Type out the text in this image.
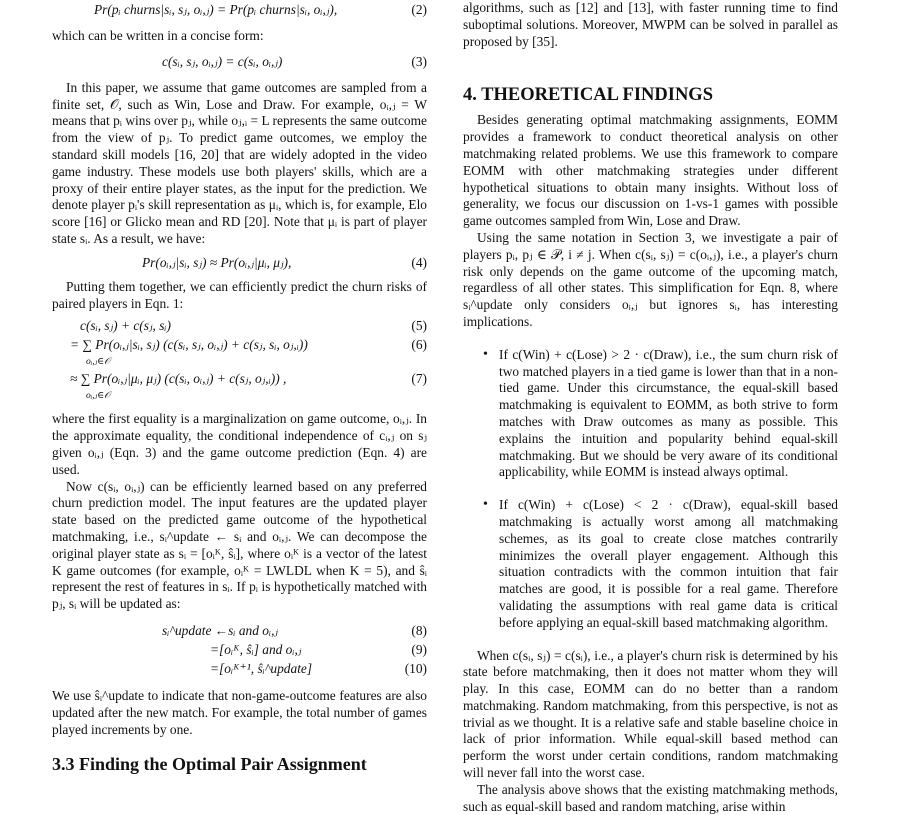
Pr(pᵢ churns|sᵢ, sⱼ, oᵢ,ⱼ) = Pr(pᵢ churns|sᵢ, oᵢ,ⱼ),	(2)

which can be written in a concise form:

c(sᵢ, sⱼ, oᵢ,ⱼ) = c(sᵢ, oᵢ,ⱼ)	(3)

In this paper, we assume that game outcomes are sampled from a finite set, 𝒪, such as Win, Lose and Draw. For example, oᵢ,ⱼ = W means that pᵢ wins over pⱼ, while oⱼ,ᵢ = L represents the same outcome from the view of pⱼ. To predict game outcomes, we employ the standard skill models [16, 20] that are widely adopted in the video game industry. These models use both players' skills, which are a proxy of their entire player states, as the input for the prediction. We denote player pᵢ's skill representation as μᵢ, which is, for example, Elo score [16] or Glicko mean and RD [20]. Note that μᵢ is part of player state sᵢ. As a result, we have:

Pr(oᵢ,ⱼ|sᵢ, sⱼ) ≈ Pr(oᵢ,ⱼ|μᵢ, μⱼ),	(4)

Putting them together, we can efficiently predict the churn risks of paired players in Eqn. 1:

c(sᵢ, sⱼ) + c(sⱼ, sᵢ)	(5)
= ∑ Pr(oᵢ,ⱼ|sᵢ, sⱼ) (c(sᵢ, sⱼ, oᵢ,ⱼ) + c(sⱼ, sᵢ, oⱼ,ᵢ))
oᵢ,ⱼ∈𝒪
(6)
≈ ∑ Pr(oᵢ,ⱼ|μᵢ, μⱼ) (c(sᵢ, oᵢ,ⱼ) + c(sⱼ, oⱼ,ᵢ)) ,
oᵢ,ⱼ∈𝒪
(7)

where the first equality is a marginalization on game outcome, oᵢ,ⱼ. In the approximate equality, the conditional independence of cᵢ,ⱼ on sⱼ given oᵢ,ⱼ (Eqn. 3) and the game outcome prediction (Eqn. 4) are used.

Now c(sᵢ, oᵢ,ⱼ) can be efficiently learned based on any preferred churn prediction model. The input features are the updated player state based on the predicted game outcome of the hypothetical matchmaking, i.e., sᵢ^update ← sᵢ and oᵢ,ⱼ. We can decompose the original player state as sᵢ = [oᵢᴷ, ŝᵢ], where oᵢᴷ is a vector of the latest K game outcomes (for example, oᵢᴷ = LWLDL when K = 5), and ŝᵢ represent the rest of features in sᵢ. If pᵢ is hypothetically matched with pⱼ, sᵢ will be updated as:

sᵢ^update ←sᵢ and oᵢ,ⱼ	(8)
=[oᵢᴷ, ŝᵢ] and oᵢ,ⱼ	(9)
=[oᵢᴷ⁺¹, ŝᵢ^update]	(10)

We use ŝᵢ^update to indicate that non-game-outcome features are also updated after the new match. For example, the total number of games played increments by one.

3.3 Finding the Optimal Pair Assignment

algorithms, such as [12] and [13], with faster running time to find suboptimal solutions. Moreover, MWPM can be solved in parallel as proposed by [35].

4. THEORETICAL FINDINGS

Besides generating optimal matchmaking assignments, EOMM provides a framework to conduct theoretical analysis on other matchmaking related problems. We use this framework to compare EOMM with other matchmaking strategies under different hypothetical situations to obtain many insights. Without loss of generality, we focus our discussion on 1-vs-1 games with possible game outcomes sampled from Win, Lose and Draw.

Using the same notation in Section 3, we investigate a pair of players pᵢ, pⱼ ∈ 𝒫, i ≠ j. When c(sᵢ, sⱼ) = c(oᵢ,ⱼ), i.e., a player's churn risk only depends on the game outcome of the upcoming match, regardless of all other states. This simplification for Eqn. 8, where sᵢ^update only considers oᵢ,ⱼ but ignores sᵢ, has interesting implications.

• If c(Win) + c(Lose) > 2 · c(Draw), i.e., the sum churn risk of two matched players in a tied game is lower than that in a non-tied game. Under this circumstance, the equal-skill based matchmaking is equivalent to EOMM, as both strive to form matches with Draw outcomes as many as possible. This explains the intuition and popularity behind equal-skill matchmaking. But we should be very aware of its conditional applicability, while EOMM is instead always optimal.
• If c(Win) + c(Lose) < 2 · c(Draw), equal-skill based matchmaking is actually worst among all matchmaking schemes, as its goal to create close matches contrarily minimizes the overall player engagement. Although this situation contradicts with the common intuition that fair matches are good, it is possible for a real game. Therefore validating the assumptions with real game data is critical before applying an equal-skill based matchmaking algorithm.

When c(sᵢ, sⱼ) = c(sᵢ), i.e., a player's churn risk is determined by his state before matchmaking, then it does not matter whom they will play. In this case, EOMM can do no better than a random matchmaking. Random matchmaking, from this perspective, is not as trivial as we thought. It is a relative safe and stable baseline choice in lack of prior information. While equal-skill based method can perform the worst under certain conditions, random matchmaking will never fall into the worst case.

The analysis above shows that the existing matchmaking methods, such as equal-skill based and random matching, arise within
